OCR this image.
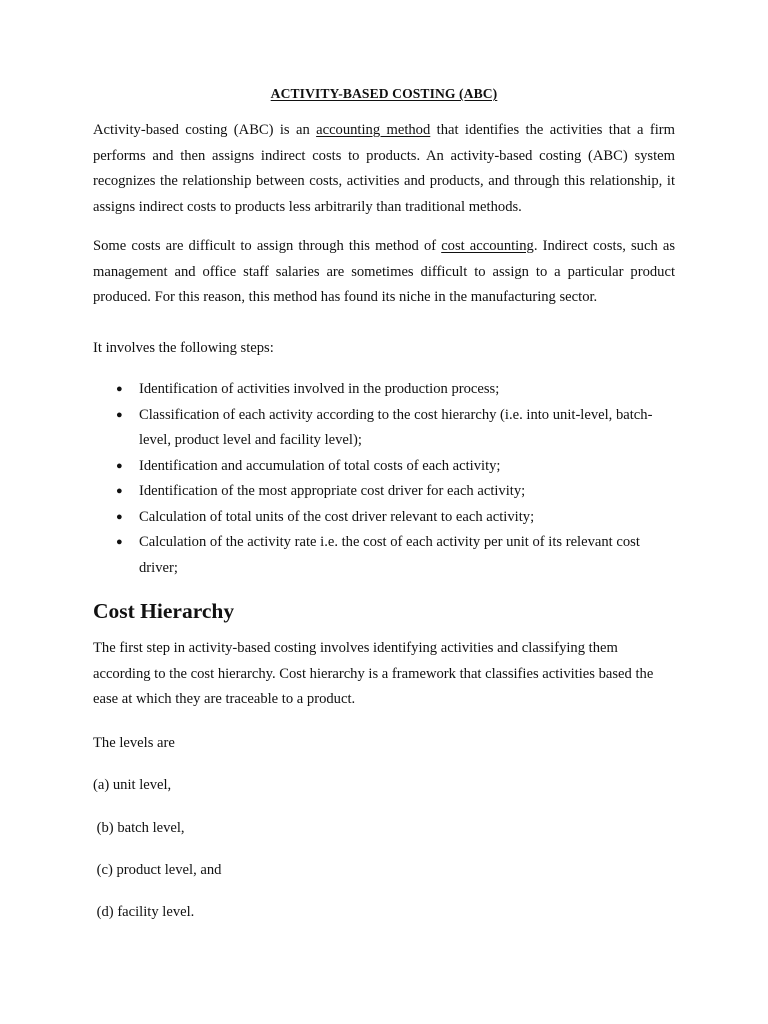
ACTIVITY-BASED COSTING (ABC)

Activity-based costing (ABC) is an accounting method that identifies the activities that a firm performs and then assigns indirect costs to products. An activity-based costing (ABC) system recognizes the relationship between costs, activities and products, and through this relationship, it assigns indirect costs to products less arbitrarily than traditional methods.

Some costs are difficult to assign through this method of cost accounting. Indirect costs, such as management and office staff salaries are sometimes difficult to assign to a particular product produced. For this reason, this method has found its niche in the manufacturing sector.

It involves the following steps:

● Identification of activities involved in the production process;
● Classification of each activity according to the cost hierarchy (i.e. into unit-level, batch-level, product level and facility level);
● Identification and accumulation of total costs of each activity;
● Identification of the most appropriate cost driver for each activity;
● Calculation of total units of the cost driver relevant to each activity;
● Calculation of the activity rate i.e. the cost of each activity per unit of its relevant cost driver;
Cost Hierarchy

The first step in activity-based costing involves identifying activities and classifying them according to the cost hierarchy. Cost hierarchy is a framework that classifies activities based the ease at which they are traceable to a product.

The levels are

(a) unit level,

(b) batch level,

(c) product level, and

(d) facility level.
